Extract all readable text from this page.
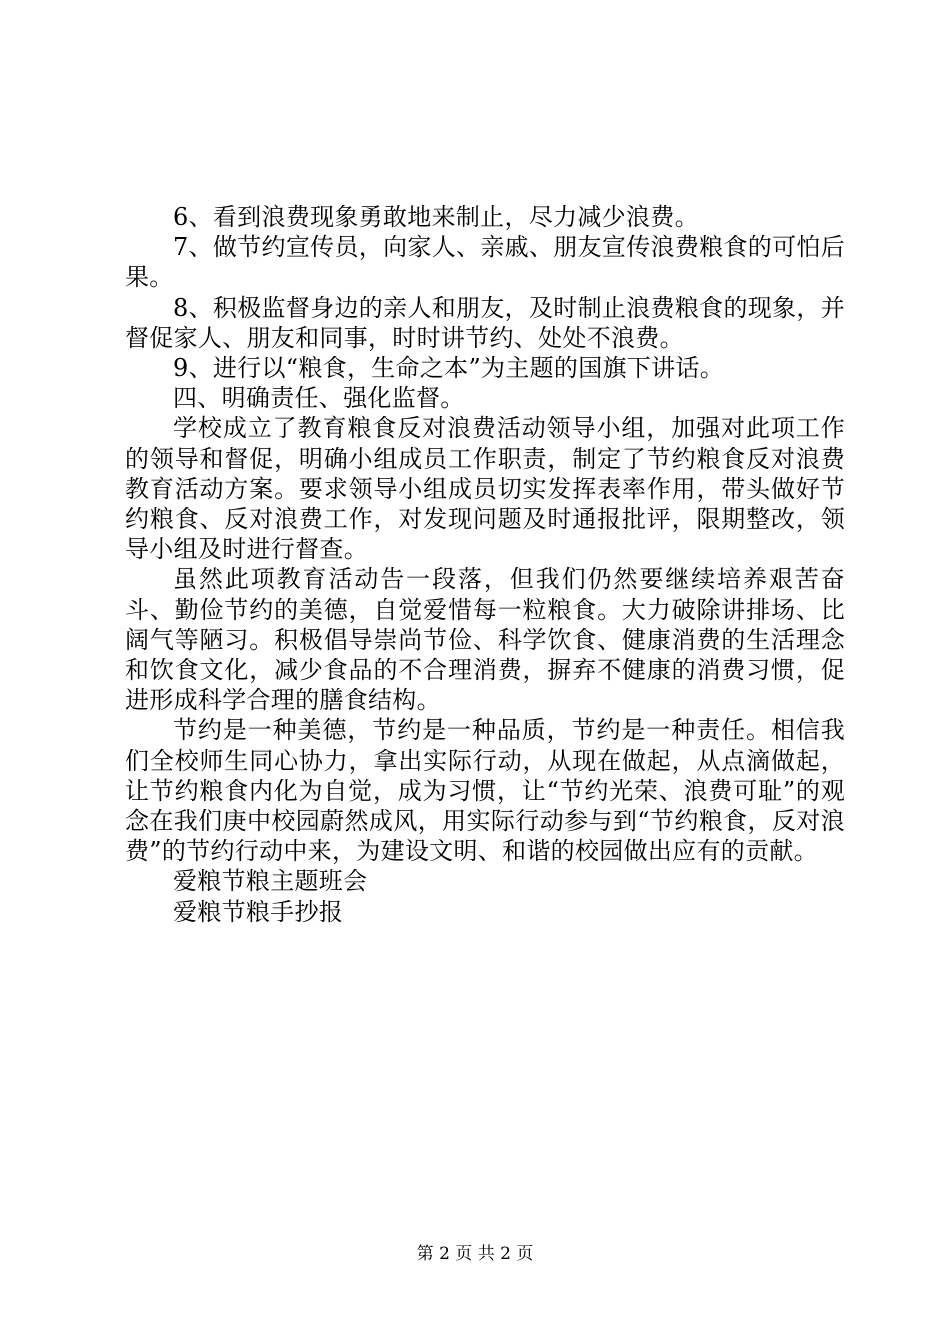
6、看到浪费现象勇敢地来制止，尽力减少浪费。

7、做节约宣传员，向家人、亲戚、朋友宣传浪费粮食的可怕后果。

8、积极监督身边的亲人和朋友，及时制止浪费粮食的现象，并督促家人、朋友和同事，时时讲节约、处处不浪费。

9、进行以“粮食，生命之本”为主题的国旗下讲话。

四、明确责任、强化监督。

学校成立了教育粮食反对浪费活动领导小组，加强对此项工作的领导和督促，明确小组成员工作职责，制定了节约粮食反对浪费教育活动方案。要求领导小组成员切实发挥表率作用，带头做好节约粮食、反对浪费工作，对发现问题及时通报批评，限期整改，领导小组及时进行督查。

虽然此项教育活动告一段落，但我们仍然要继续培养艰苦奋斗、勤俭节约的美德，自觉爱惜每一粒粮食。大力破除讲排场、比阔气等陋习。积极倡导崇尚节俭、科学饮食、健康消费的生活理念和饮食文化，减少食品的不合理消费，摒弃不健康的消费习惯，促进形成科学合理的膳食结构。

节约是一种美德，节约是一种品质，节约是一种责任。相信我们全校师生同心协力，拿出实际行动，从现在做起，从点滴做起，让节约粮食内化为自觉，成为习惯，让“节约光荣、浪费可耻”的观念在我们庚中校园蔚然成风，用实际行动参与到“节约粮食，反对浪费”的节约行动中来，为建设文明、和谐的校园做出应有的贡献。

爱粮节粮主题班会

爱粮节粮手抄报

第 2 页 共 2 页
